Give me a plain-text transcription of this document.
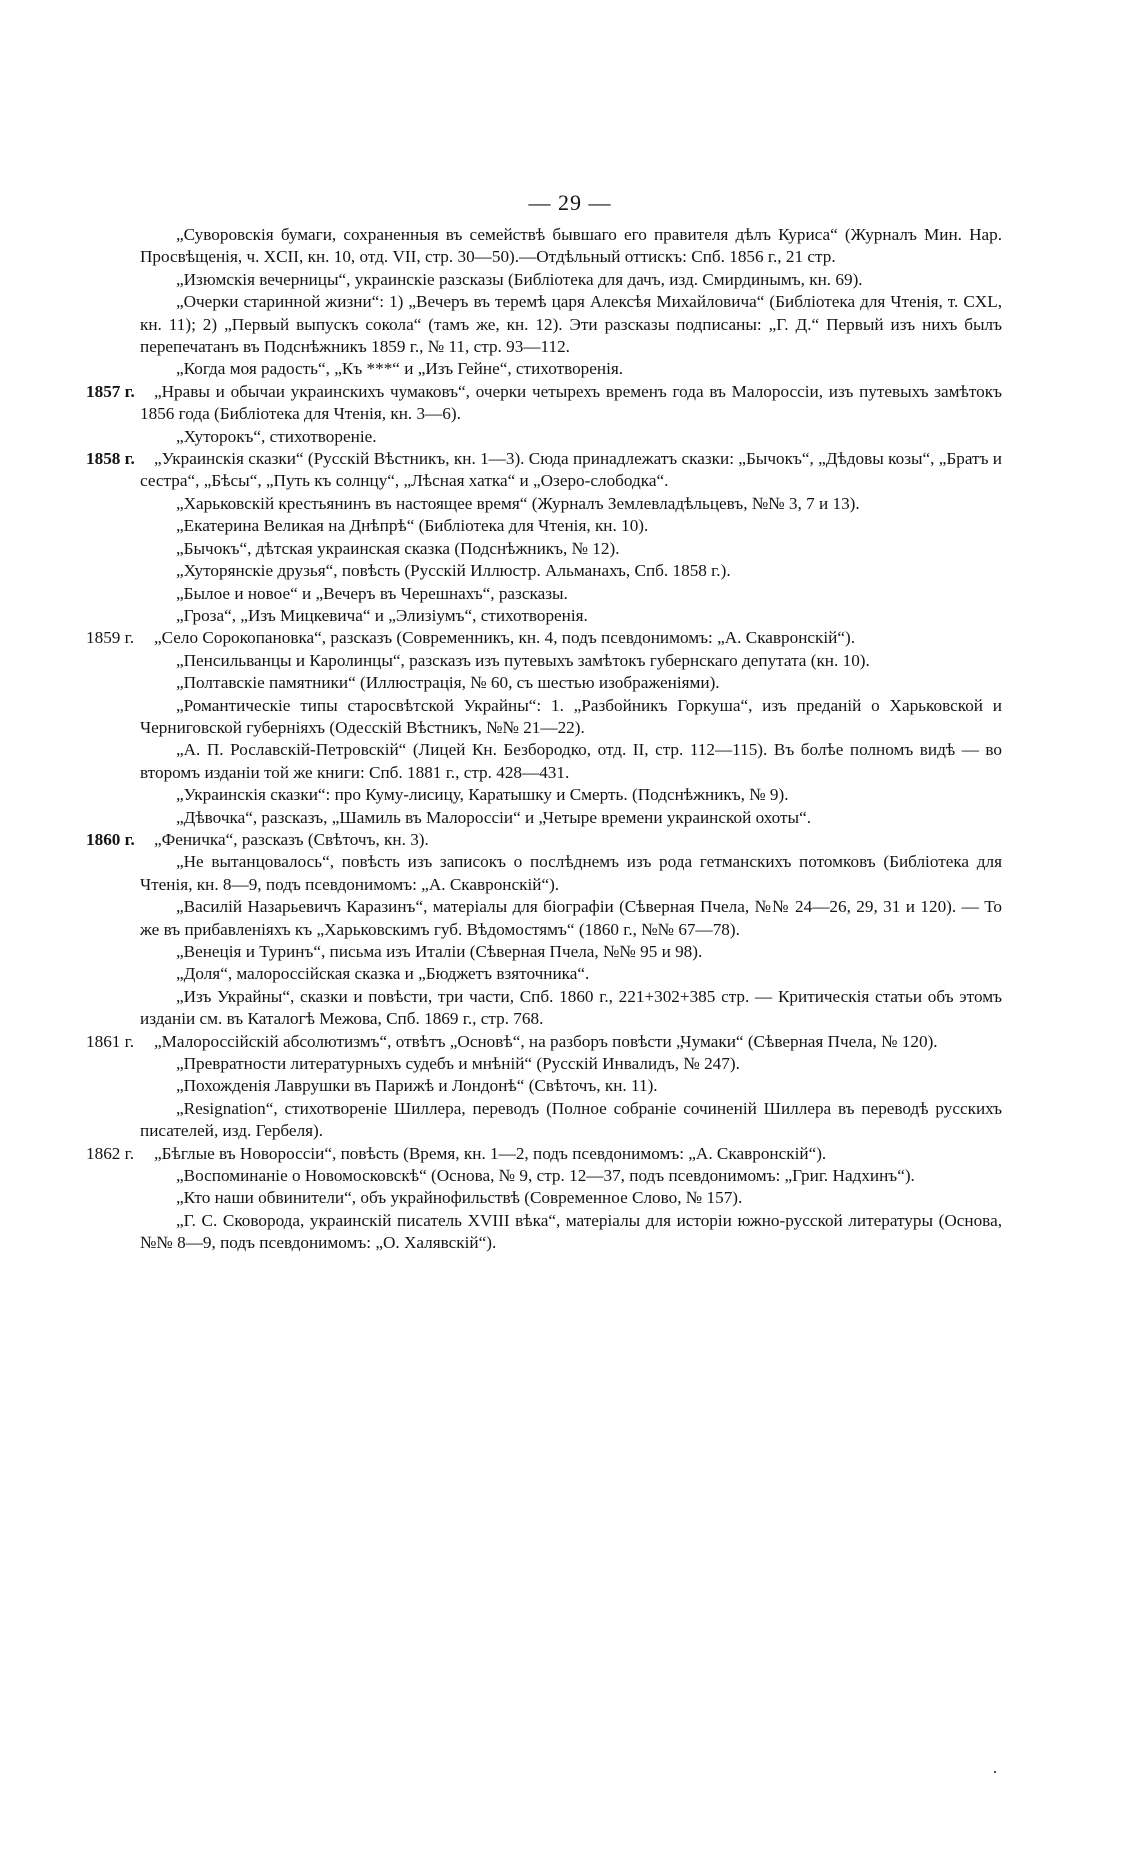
— 29 —
„Суворовскія бумаги, сохраненныя въ семействѣ бывшаго его правителя дѣлъ Куриса“ (Журналъ Мин. Нар. Просвѣщенія, ч. XCII, кн. 10, отд. VII, стр. 30—50).—Отдѣльный оттискъ: Спб. 1856 г., 21 стр.
„Изюмскія вечерницы“, украинскіе разсказы (Библіотека для дачъ, изд. Смирдинымъ, кн. 69).
„Очерки старинной жизни“: 1) „Вечеръ въ теремѣ царя Алексѣя Михайловича“ (Библіотека для Чтенія, т. CXL, кн. 11); 2) „Первый выпускъ сокола“ (тамъ же, кн. 12). Эти разсказы подписаны: „Г. Д.“ Первый изъ нихъ былъ перепечатанъ въ Подснѣжникъ 1859 г., № 11, стр. 93—112.
„Когда моя радость“, „Къ ***“ и „Изъ Гейне“, стихотворенія.
1857 г.	„Нравы и обычаи украинскихъ чумаковъ“, очерки четырехъ временъ года въ Малороссіи, изъ путевыхъ замѣтокъ 1856 года (Библіотека для Чтенія, кн. 3—6).
„Хуторокъ“, стихотвореніе.
1858 г.	„Украинскія сказки“ (Русскій Вѣстникъ, кн. 1—3). Сюда принадлежатъ сказки: „Бычокъ“, „Дѣдовы козы“, „Братъ и сестра“, „Бѣсы“, „Путь къ солнцу“, „Лѣсная хатка“ и „Озеро-слободка“.
„Харьковскій крестьянинъ въ настоящее время“ (Журналъ Землевладѣльцевъ, №№ 3, 7 и 13).
„Екатерина Великая на Днѣпрѣ“ (Библіотека для Чтенія, кн. 10).
„Бычокъ“, дѣтская украинская сказка (Подснѣжникъ, № 12).
„Хуторянскіе друзья“, повѣсть (Русскій Иллюстр. Альманахъ, Спб. 1858 г.).
„Былое и новое“ и „Вечеръ въ Черешнахъ“, разсказы.
„Гроза“, „Изъ Мицкевича“ и „Элизіумъ“, стихотворенія.
1859 г.	„Село Сорокопановка“, разсказъ (Современникъ, кн. 4, подъ псевдонимомъ: „А. Скавронскій“).
„Пенсильванцы и Каролинцы“, разсказъ изъ путевыхъ замѣтокъ губернскаго депутата (кн. 10).
„Полтавскіе памятники“ (Иллюстрація, № 60, съ шестью изображеніями).
„Романтическіе типы старосвѣтской Украйны“: 1. „Разбойникъ Горкуша“, изъ преданій о Харьковской и Черниговской губерніяхъ (Одесскій Вѣстникъ, №№ 21—22).
„А. П. Рославскій-Петровскій“ (Лицей Кн. Безбородко, отд. II, стр. 112—115). Въ болѣе полномъ видѣ — во второмъ изданіи той же книги: Спб. 1881 г., стр. 428—431.
„Украинскія сказки“: про Куму-лисицу, Каратышку и Смерть. (Подснѣжникъ, № 9).
„Дѣвочка“, разсказъ, „Шамиль въ Малороссіи“ и „Четыре времени украинской охоты“.
1860 г.	„Феничка“, разсказъ (Свѣточъ, кн. 3).
„Не вытанцовалось“, повѣсть изъ записокъ о послѣднемъ изъ рода гетманскихъ потомковъ (Библіотека для Чтенія, кн. 8—9, подъ псевдонимомъ: „А. Скавронскій“).
„Василій Назарьевичъ Каразинъ“, матеріалы для біографіи (Сѣверная Пчела, №№ 24—26, 29, 31 и 120). — То же въ прибавленіяхъ къ „Харьковскимъ губ. Вѣдомостямъ“ (1860 г., №№ 67—78).
„Венеція и Туринъ“, письма изъ Италіи (Сѣверная Пчела, №№ 95 и 98).
„Доля“, малороссійская сказка и „Бюджетъ взяточника“.
„Изъ Украйны“, сказки и повѣсти, три части, Спб. 1860 г., 221+302+385 стр. — Критическія статьи объ этомъ изданіи см. въ Каталогѣ Межова, Спб. 1869 г., стр. 768.
1861 г.	„Малороссійскій абсолютизмъ“, отвѣтъ „Основѣ“, на разборъ повѣсти „Чумаки“ (Сѣверная Пчела, № 120).
„Превратности литературныхъ судебъ и мнѣній“ (Русскій Инвалидъ, № 247).
„Похожденія Лаврушки въ Парижѣ и Лондонѣ“ (Свѣточъ, кн. 11).
„Resignation“, стихотвореніе Шиллера, переводъ (Полное собраніе сочиненій Шиллера въ переводѣ русскихъ писателей, изд. Гербеля).
1862 г.	„Бѣглые въ Новороссіи“, повѣсть (Время, кн. 1—2, подъ псевдонимомъ: „А. Скавронскій“).
„Воспоминаніе о Новомосковскѣ“ (Основа, № 9, стр. 12—37, подъ псевдонимомъ: „Григ. Надхинъ“).
„Кто наши обвинители“, объ украйнофильствѣ (Современное Слово, № 157).
„Г. С. Сковорода, украинскій писатель XVIII вѣка“, матеріалы для исторіи южно-русской литературы (Основа, №№ 8—9, подъ псевдонимомъ: „О. Халявскій“).
·
